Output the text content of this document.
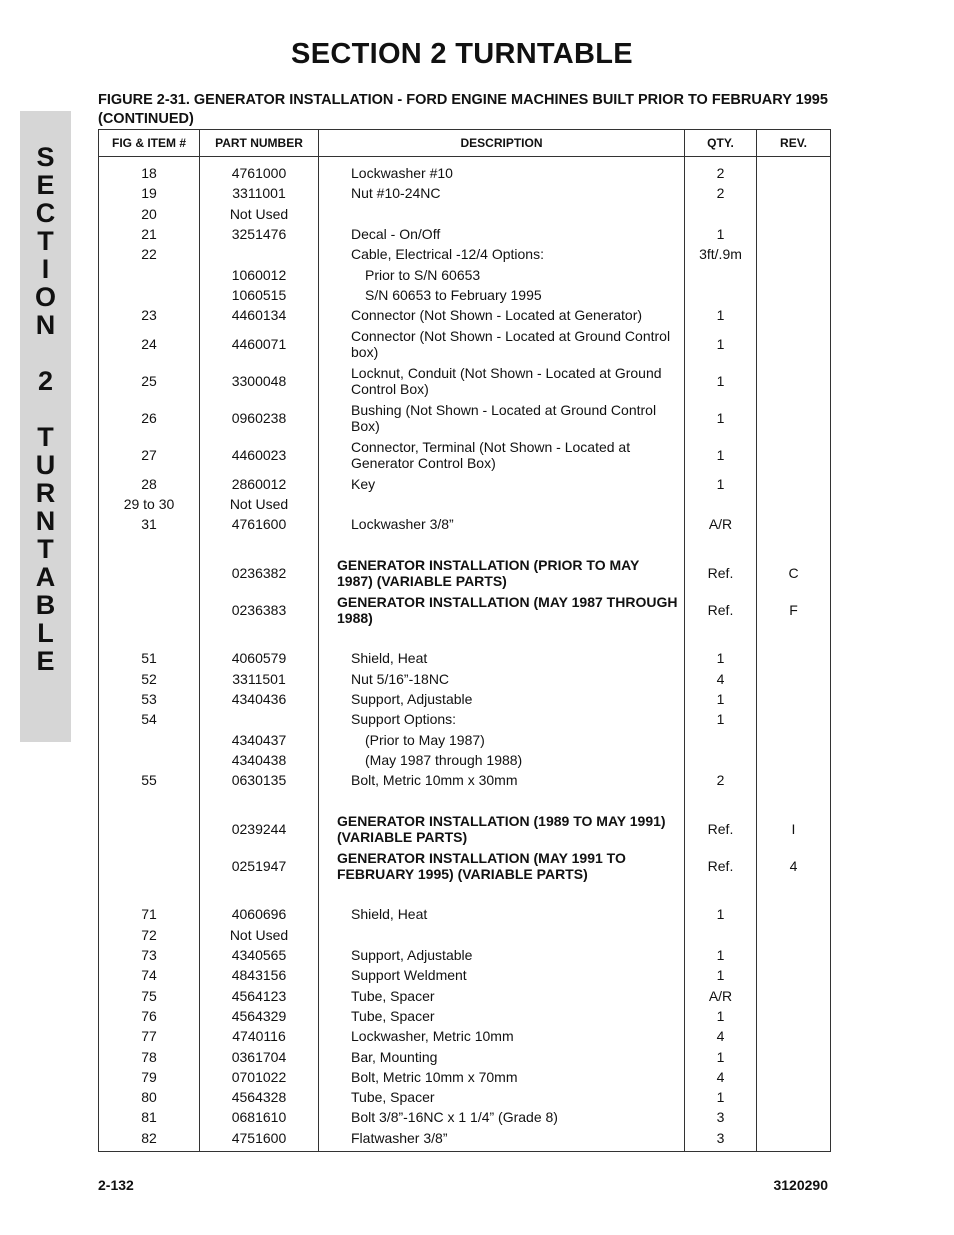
SECTION 2 TURNTABLE
S
E
C
T
I
O
N
2
T
U
R
N
T
A
B
L
E
FIGURE 2-31. GENERATOR INSTALLATION - FORD ENGINE MACHINES BUILT PRIOR TO FEBRUARY 1995 (CONTINUED)
FIG & ITEM #	PART NUMBER	DESCRIPTION	QTY.	REV.
18	4761000	Lockwasher #10	2	
19	3311001	Nut #10-24NC	2	
20	Not Used			
21	3251476	Decal - On/Off	1	
22		Cable, Electrical -12/4 Options:	3ft/.9m	
	1060012	Prior to S/N 60653		
	1060515	S/N 60653 to February 1995		
23	4460134	Connector (Not Shown - Located at Generator)	1	
24	4460071	Connector (Not Shown - Located at Ground Control box)	1	
25	3300048	Locknut, Conduit (Not Shown - Located at Ground Control Box)	1	
26	0960238	Bushing (Not Shown - Located at Ground Control Box)	1	
27	4460023	Connector, Terminal (Not Shown - Located at Generator Control Box)	1	
28	2860012	Key	1	
29 to 30	Not Used			
31	4761600	Lockwasher 3/8”	A/R	

	0236382	GENERATOR INSTALLATION (PRIOR TO MAY 1987) (VARIABLE PARTS)	Ref.	C
	0236383	GENERATOR INSTALLATION (MAY 1987 THROUGH 1988)	Ref.	F

51	4060579	Shield, Heat	1	
52	3311501	Nut 5/16”-18NC	4	
53	4340436	Support, Adjustable	1	
54		Support Options:	1	
	4340437	(Prior to May 1987)		
	4340438	(May 1987 through 1988)		
55	0630135	Bolt, Metric 10mm x 30mm	2	

	0239244	GENERATOR INSTALLATION (1989 TO MAY 1991) (VARIABLE PARTS)	Ref.	I
	0251947	GENERATOR INSTALLATION (MAY 1991 TO FEBRUARY 1995) (VARIABLE PARTS)	Ref.	4

71	4060696	Shield, Heat	1	
72	Not Used			
73	4340565	Support, Adjustable	1	
74	4843156	Support Weldment	1	
75	4564123	Tube, Spacer	A/R	
76	4564329	Tube, Spacer	1	
77	4740116	Lockwasher, Metric 10mm	4	
78	0361704	Bar, Mounting	1	
79	0701022	Bolt, Metric 10mm x 70mm	4	
80	4564328	Tube, Spacer	1	
81	0681610	Bolt 3/8”-16NC x 1 1/4” (Grade 8)	3	
82	4751600	Flatwasher 3/8”	3	
2-132	3120290
